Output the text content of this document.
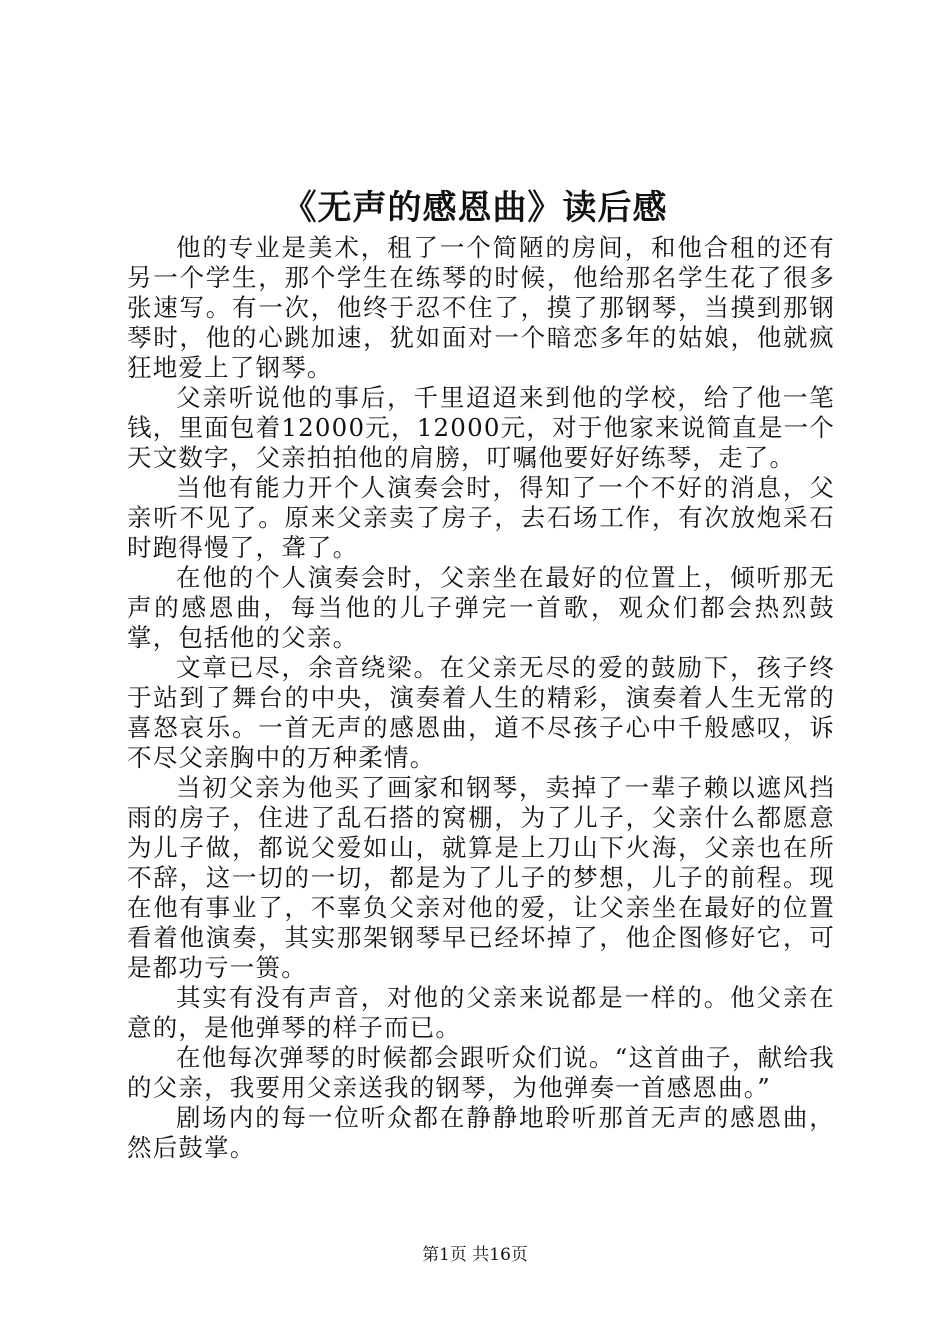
《无声的感恩曲》读后感

他的专业是美术，租了一个简陋的房间，和他合租的还有另一个学生，那个学生在练琴的时候，他给那名学生花了很多张速写。有一次，他终于忍不住了，摸了那钢琴，当摸到那钢琴时，他的心跳加速，犹如面对一个暗恋多年的姑娘，他就疯狂地爱上了钢琴。

父亲听说他的事后，千里迢迢来到他的学校，给了他一笔钱，里面包着12000元，12000元，对于他家来说简直是一个天文数字，父亲拍拍他的肩膀，叮嘱他要好好练琴，走了。

当他有能力开个人演奏会时，得知了一个不好的消息，父亲听不见了。原来父亲卖了房子，去石场工作，有次放炮采石时跑得慢了，聋了。

在他的个人演奏会时，父亲坐在最好的位置上，倾听那无声的感恩曲，每当他的儿子弹完一首歌，观众们都会热烈鼓掌，包括他的父亲。

文章已尽，余音绕梁。在父亲无尽的爱的鼓励下，孩子终于站到了舞台的中央，演奏着人生的精彩，演奏着人生无常的喜怒哀乐。一首无声的感恩曲，道不尽孩子心中千般感叹，诉不尽父亲胸中的万种柔情。

当初父亲为他买了画家和钢琴，卖掉了一辈子赖以遮风挡雨的房子，住进了乱石搭的窝棚，为了儿子，父亲什么都愿意为儿子做，都说父爱如山，就算是上刀山下火海，父亲也在所不辞，这一切的一切，都是为了儿子的梦想，儿子的前程。现在他有事业了，不辜负父亲对他的爱，让父亲坐在最好的位置看着他演奏，其实那架钢琴早已经坏掉了，他企图修好它，可是都功亏一篑。

其实有没有声音，对他的父亲来说都是一样的。他父亲在意的，是他弹琴的样子而已。

在他每次弹琴的时候都会跟听众们说。“这首曲子，献给我的父亲，我要用父亲送我的钢琴，为他弹奏一首感恩曲。”

剧场内的每一位听众都在静静地聆听那首无声的感恩曲，然后鼓掌。

第1页 共16页
